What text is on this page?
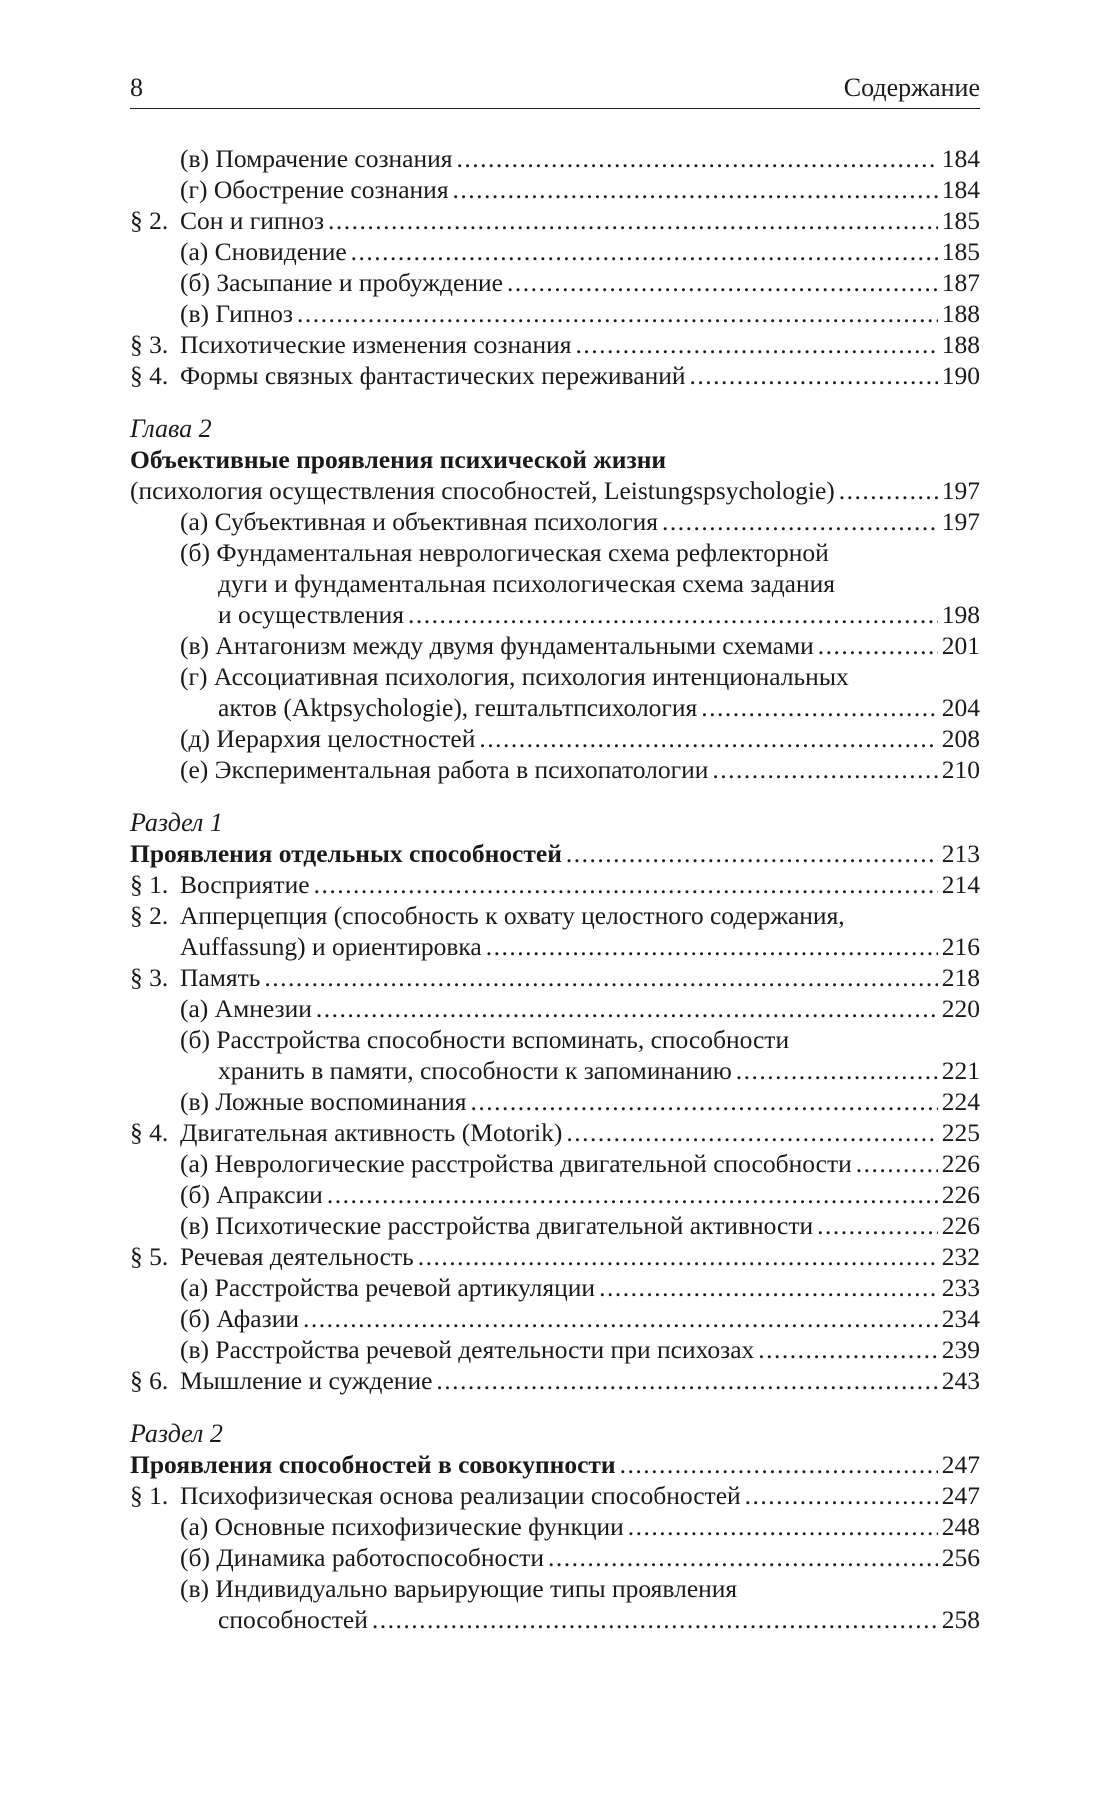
8	Содержание
(в) Помрачение сознания .....	184
(г) Обострение сознания .....	184
§ 2. Сон и гипноз .....	185
(а) Сновидение .....	185
(б) Засыпание и пробуждение .....	187
(в) Гипноз .....	188
§ 3. Психотические изменения сознания .....	188
§ 4. Формы связных фантастических переживаний .....	190
Глава 2
Объективные проявления психической жизни
(психология осуществления способностей, Leistungspsychologie) .....	197
(а) Субъективная и объективная психология .....	197
(б) Фундаментальная неврологическая схема рефлекторной
дуги и фундаментальная психологическая схема задания
и осуществления .....	198
(в) Антагонизм между двумя фундаментальными схемами .....	201
(г) Ассоциативная психология, психология интенциональных
актов (Aktpsychologie), гештальтпсихология .....	204
(д) Иерархия целостностей .....	208
(е) Экспериментальная работа в психопатологии .....	210
Раздел 1
Проявления отдельных способностей .....	213
§ 1. Восприятие .....	214
§ 2. Апперцепция (способность к охвату целостного содержания,
Auffassung) и ориентировка .....	216
§ 3. Память .....	218
(а) Амнезии .....	220
(б) Расстройства способности вспоминать, способности
хранить в памяти, способности к запоминанию .....	221
(в) Ложные воспоминания .....	224
§ 4. Двигательная активность (Motorik) .....	225
(а) Неврологические расстройства двигательной способности .....	226
(б) Апраксии .....	226
(в) Психотические расстройства двигательной активности .....	226
§ 5. Речевая деятельность .....	232
(а) Расстройства речевой артикуляции .....	233
(б) Афазии .....	234
(в) Расстройства речевой деятельности при психозах .....	239
§ 6. Мышление и суждение .....	243
Раздел 2
Проявления способностей в совокупности .....	247
§ 1. Психофизическая основа реализации способностей .....	247
(а) Основные психофизические функции .....	248
(б) Динамика работоспособности .....	256
(в) Индивидуально варьирующие типы проявления
способностей .....	258
